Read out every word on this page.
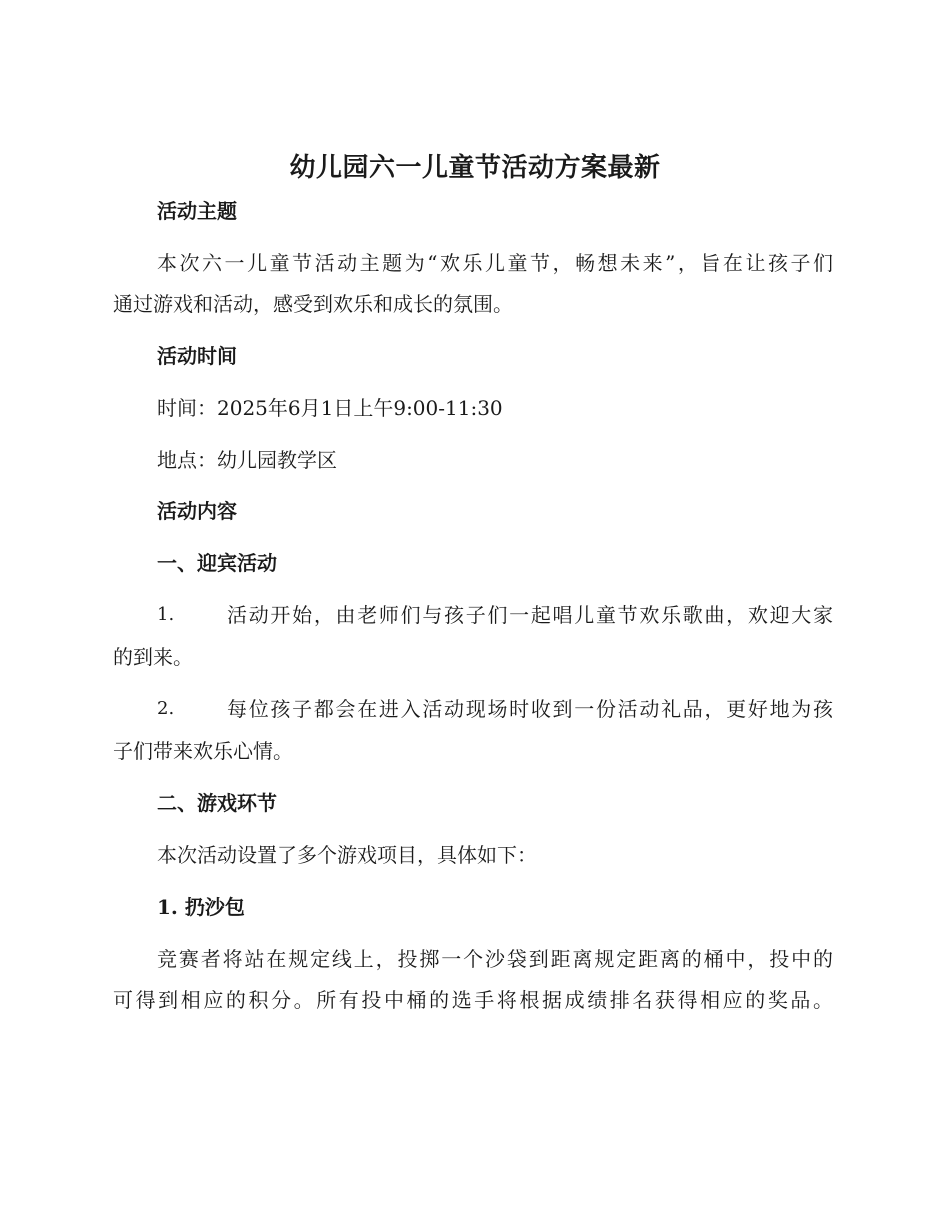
幼儿园六一儿童节活动方案最新
活动主题
本次六一儿童节活动主题为“欢乐儿童节，畅想未来”，旨在让孩子们
通过游戏和活动，感受到欢乐和成长的氛围。
活动时间
时间：2025年6月1日上午9:00-11:30
地点：幼儿园教学区
活动内容
一、迎宾活动
1.	活动开始，由老师们与孩子们一起唱儿童节欢乐歌曲，欢迎大家
的到来。
2.	每位孩子都会在进入活动现场时收到一份活动礼品，更好地为孩
子们带来欢乐心情。
二、游戏环节
本次活动设置了多个游戏项目，具体如下：
1. 扔沙包
竞赛者将站在规定线上，投掷一个沙袋到距离规定距离的桶中，投中的
可得到相应的积分。所有投中桶的选手将根据成绩排名获得相应的奖品。
